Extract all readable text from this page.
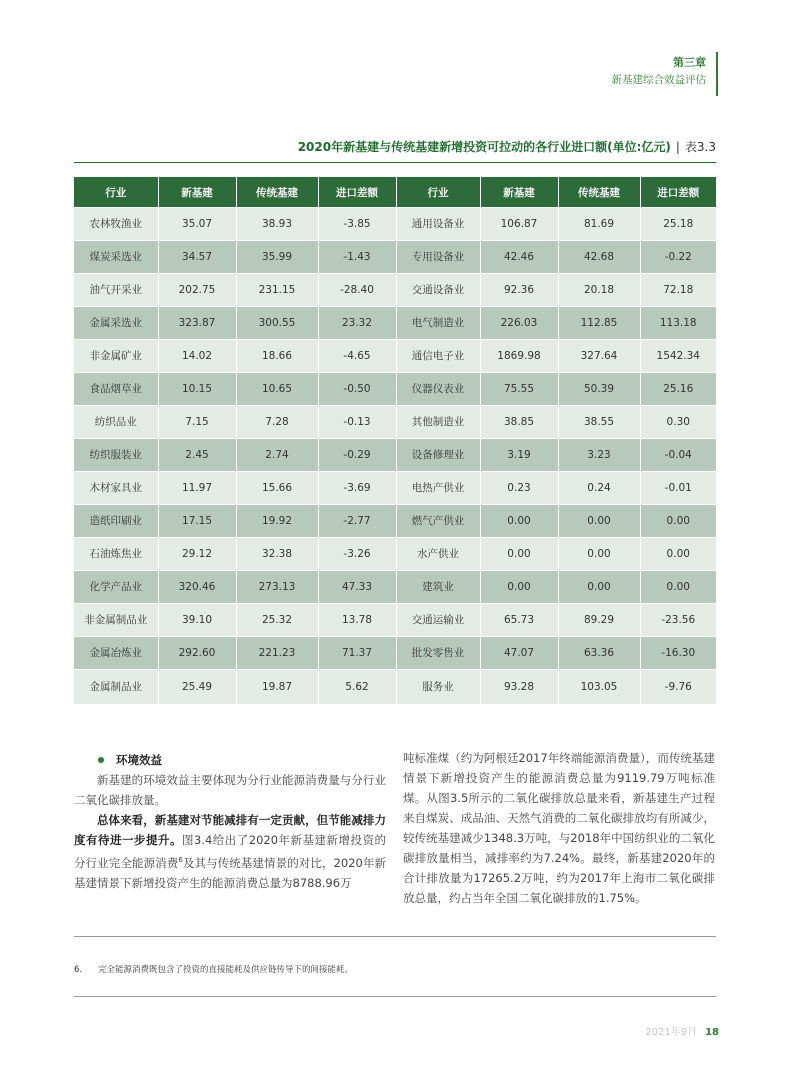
第三章
新基建综合效益评估
2020年新基建与传统基建新增投资可拉动的各行业进口额(单位:亿元) | 表3.3
行业	新基建	传统基建	进口差额	行业	新基建	传统基建	进口差额
农林牧渔业	35.07	38.93	-3.85	通用设备业	106.87	81.69	25.18
煤炭采选业	34.57	35.99	-1.43	专用设备业	42.46	42.68	-0.22
油气开采业	202.75	231.15	-28.40	交通设备业	92.36	20.18	72.18
金属采选业	323.87	300.55	23.32	电气制造业	226.03	112.85	113.18
非金属矿业	14.02	18.66	-4.65	通信电子业	1869.98	327.64	1542.34
食品烟草业	10.15	10.65	-0.50	仪器仪表业	75.55	50.39	25.16
纺织品业	7.15	7.28	-0.13	其他制造业	38.85	38.55	0.30
纺织服装业	2.45	2.74	-0.29	设备修理业	3.19	3.23	-0.04
木材家具业	11.97	15.66	-3.69	电热产供业	0.23	0.24	-0.01
造纸印刷业	17.15	19.92	-2.77	燃气产供业	0.00	0.00	0.00
石油炼焦业	29.12	32.38	-3.26	水产供业	0.00	0.00	0.00
化学产品业	320.46	273.13	47.33	建筑业	0.00	0.00	0.00
非金属制品业	39.10	25.32	13.78	交通运输业	65.73	89.29	-23.56
金属冶炼业	292.60	221.23	71.37	批发零售业	47.07	63.36	-16.30
金属制品业	25.49	19.87	5.62	服务业	93.28	103.05	-9.76

环境效益

新基建的环境效益主要体现为分行业能源消费量与分行业二氧化碳排放量。

总体来看，新基建对节能减排有一定贡献，但节能减排力度有待进一步提升。图3.4给出了2020年新基建新增投资的分行业完全能源消费$^6$及其与传统基建情景的对比，2020年新基建情景下新增投资产生的能源消费总量为8788.96万

吨标准煤（约为阿根廷2017年终端能源消费量），而传统基建情景下新增投资产生的能源消费总量为9119.79万吨标准煤。从图3.5所示的二氧化碳排放总量来看，新基建生产过程来自煤炭、成品油、天然气消费的二氧化碳排放均有所减少，较传统基建减少1348.3万吨，与2018年中国纺织业的二氧化碳排放量相当，减排率约为7.24%。最终，新基建2020年的合计排放量为17265.2万吨，约为2017年上海市二氧化碳排放总量，约占当年全国二氧化碳排放的1.75%。

6. 完全能源消费既包含了投资的直接能耗及供应链传导下的间接能耗。
2021年9月 18
